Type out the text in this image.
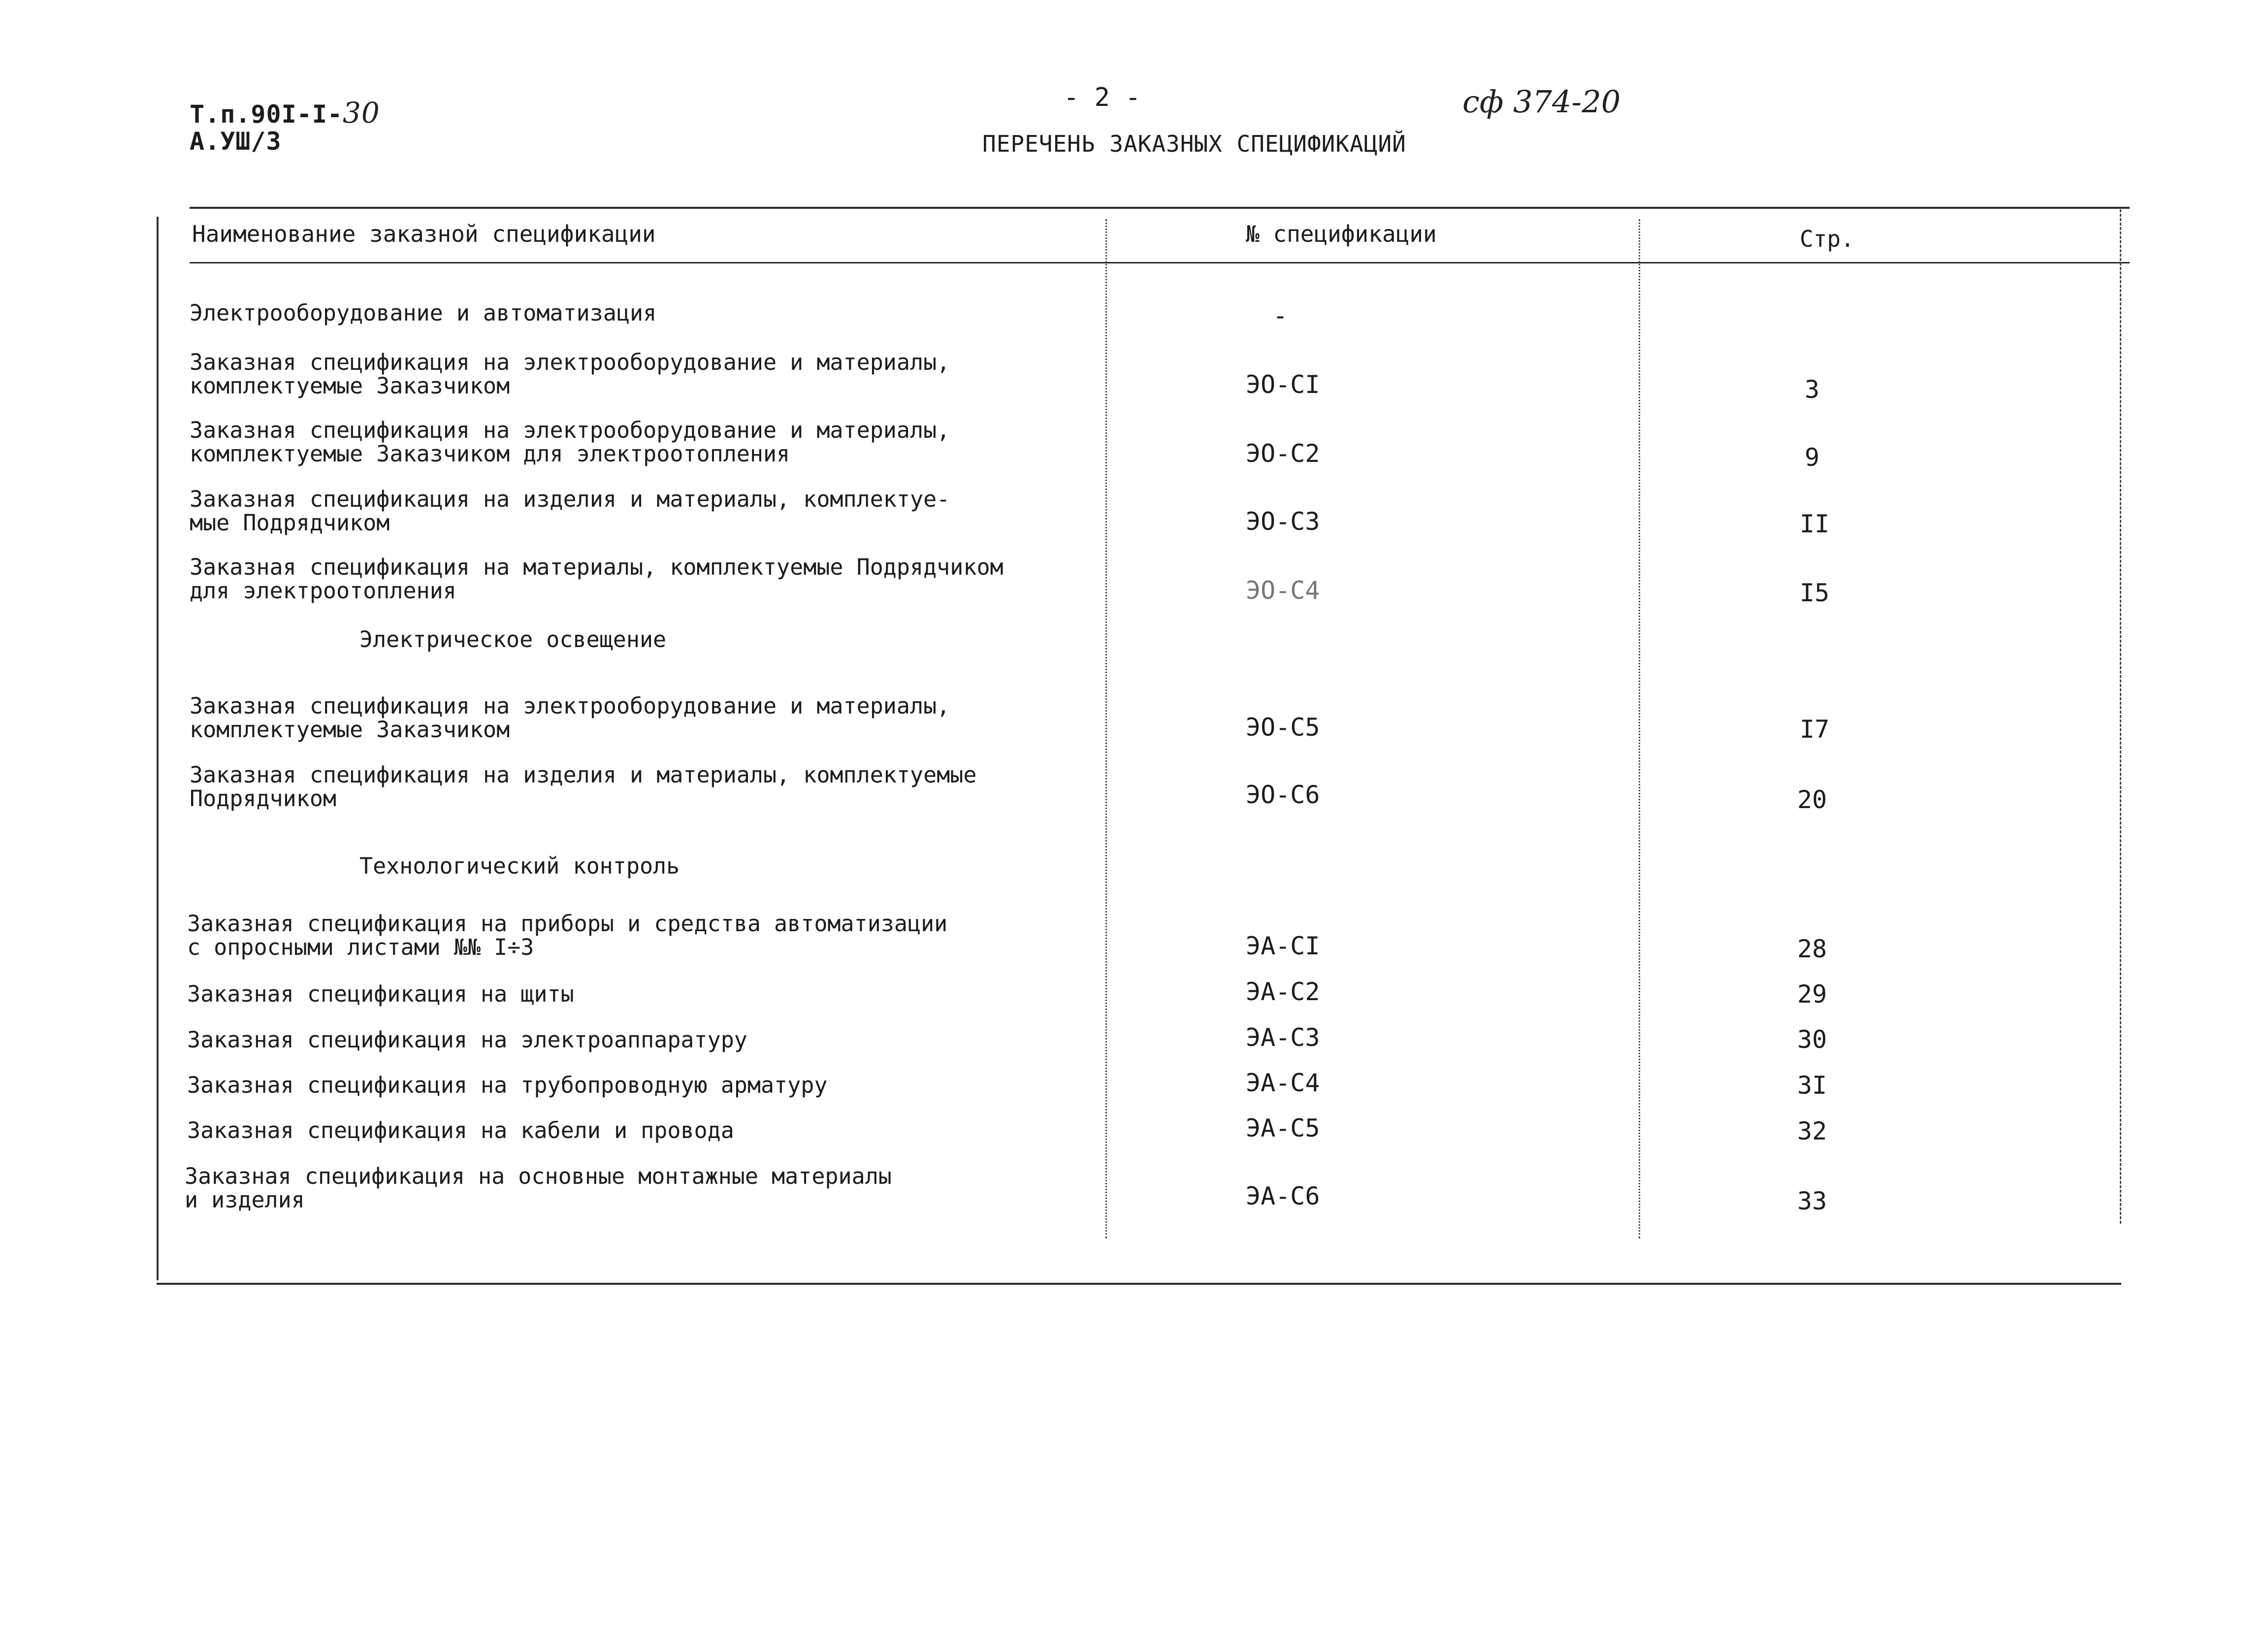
Т.п.90I-I-30
А.УШ/3
- 2 -	сф 374-20
ПЕРЕЧЕНЬ ЗАКАЗНЫХ СПЕЦИФИКАЦИЙ
Наименование заказной спецификации	№ спецификации	Стр.
Электрооборудование и автоматизация	-
Заказная спецификация на электрооборудование и материалы,
комплектуемые Заказчиком	ЭО-СI	3
Заказная спецификация на электрооборудование и материалы,
комплектуемые Заказчиком для электроотопления	ЭО-С2	9
Заказная спецификация на изделия и материалы, комплектуе-
мые Подрядчиком	ЭО-С3	II
Заказная спецификация на материалы, комплектуемые Подрядчиком
для электроотопления	ЭО-С4	I5
Электрическое освещение
Заказная спецификация на электрооборудование и материалы,
комплектуемые Заказчиком	ЭО-С5	I7
Заказная спецификация на изделия и материалы, комплектуемые
Подрядчиком	ЭО-С6	20
Технологический контроль
Заказная спецификация на приборы и средства автоматизации
с опросными листами №№ I÷3	ЭА-СI	28
Заказная спецификация на щиты	ЭА-С2	29
Заказная спецификация на электроаппаратуру	ЭА-С3	30
Заказная спецификация на трубопроводную арматуру	ЭА-С4	3I
Заказная спецификация на кабели и провода	ЭА-С5	32
Заказная спецификация на основные монтажные материалы
и изделия	ЭА-С6	33
